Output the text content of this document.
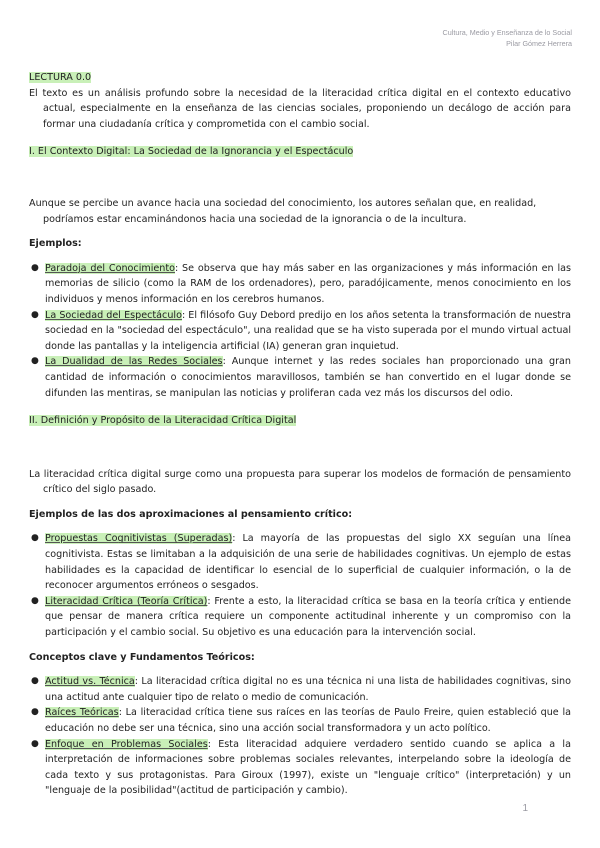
Cultura, Medio y Enseñanza de lo Social
Pilar Gómez Herrera

LECTURA 0.0

El texto es un análisis profundo sobre la necesidad de la literacidad crítica digital en el contexto educativo actual, especialmente en la enseñanza de las ciencias sociales, proponiendo un decálogo de acción para formar una ciudadanía crítica y comprometida con el cambio social.

I. El Contexto Digital: La Sociedad de la Ignorancia y el Espectáculo

Aunque se percibe un avance hacia una sociedad del conocimiento, los autores señalan que, en realidad, podríamos estar encaminándonos hacia una sociedad de la ignorancia o de la incultura.

Ejemplos:

● Paradoja del Conocimiento: Se observa que hay más saber en las organizaciones y más información en las memorias de silicio (como la RAM de los ordenadores), pero, paradójicamente, menos conocimiento en los individuos y menos información en los cerebros humanos.
● La Sociedad del Espectáculo: El filósofo Guy Debord predijo en los años setenta la transformación de nuestra sociedad en la "sociedad del espectáculo", una realidad que se ha visto superada por el mundo virtual actual donde las pantallas y la inteligencia artificial (IA) generan gran inquietud.
● La Dualidad de las Redes Sociales: Aunque internet y las redes sociales han proporcionado una gran cantidad de información o conocimientos maravillosos, también se han convertido en el lugar donde se difunden las mentiras, se manipulan las noticias y proliferan cada vez más los discursos del odio.

II. Definición y Propósito de la Literacidad Crítica Digital

La literacidad crítica digital surge como una propuesta para superar los modelos de formación de pensamiento crítico del siglo pasado.

Ejemplos de las dos aproximaciones al pensamiento crítico:

● Propuestas Cognitivistas (Superadas): La mayoría de las propuestas del siglo XX seguían una línea cognitivista. Estas se limitaban a la adquisición de una serie de habilidades cognitivas. Un ejemplo de estas habilidades es la capacidad de identificar lo esencial de lo superficial de cualquier información, o la de reconocer argumentos erróneos o sesgados.
● Literacidad Crítica (Teoría Crítica): Frente a esto, la literacidad crítica se basa en la teoría crítica y entiende que pensar de manera crítica requiere un componente actitudinal inherente y un compromiso con la participación y el cambio social. Su objetivo es una educación para la intervención social.

Conceptos clave y Fundamentos Teóricos:

● Actitud vs. Técnica: La literacidad crítica digital no es una técnica ni una lista de habilidades cognitivas, sino una actitud ante cualquier tipo de relato o medio de comunicación.
● Raíces Teóricas: La literacidad crítica tiene sus raíces en las teorías de Paulo Freire, quien estableció que la educación no debe ser una técnica, sino una acción social transformadora y un acto político.
● Enfoque en Problemas Sociales: Esta literacidad adquiere verdadero sentido cuando se aplica a la interpretación de informaciones sobre problemas sociales relevantes, interpelando sobre la ideología de cada texto y sus protagonistas. Para Giroux (1997), existe un "lenguaje crítico" (interpretación) y un "lenguaje de la posibilidad"(actitud de participación y cambio).
1
